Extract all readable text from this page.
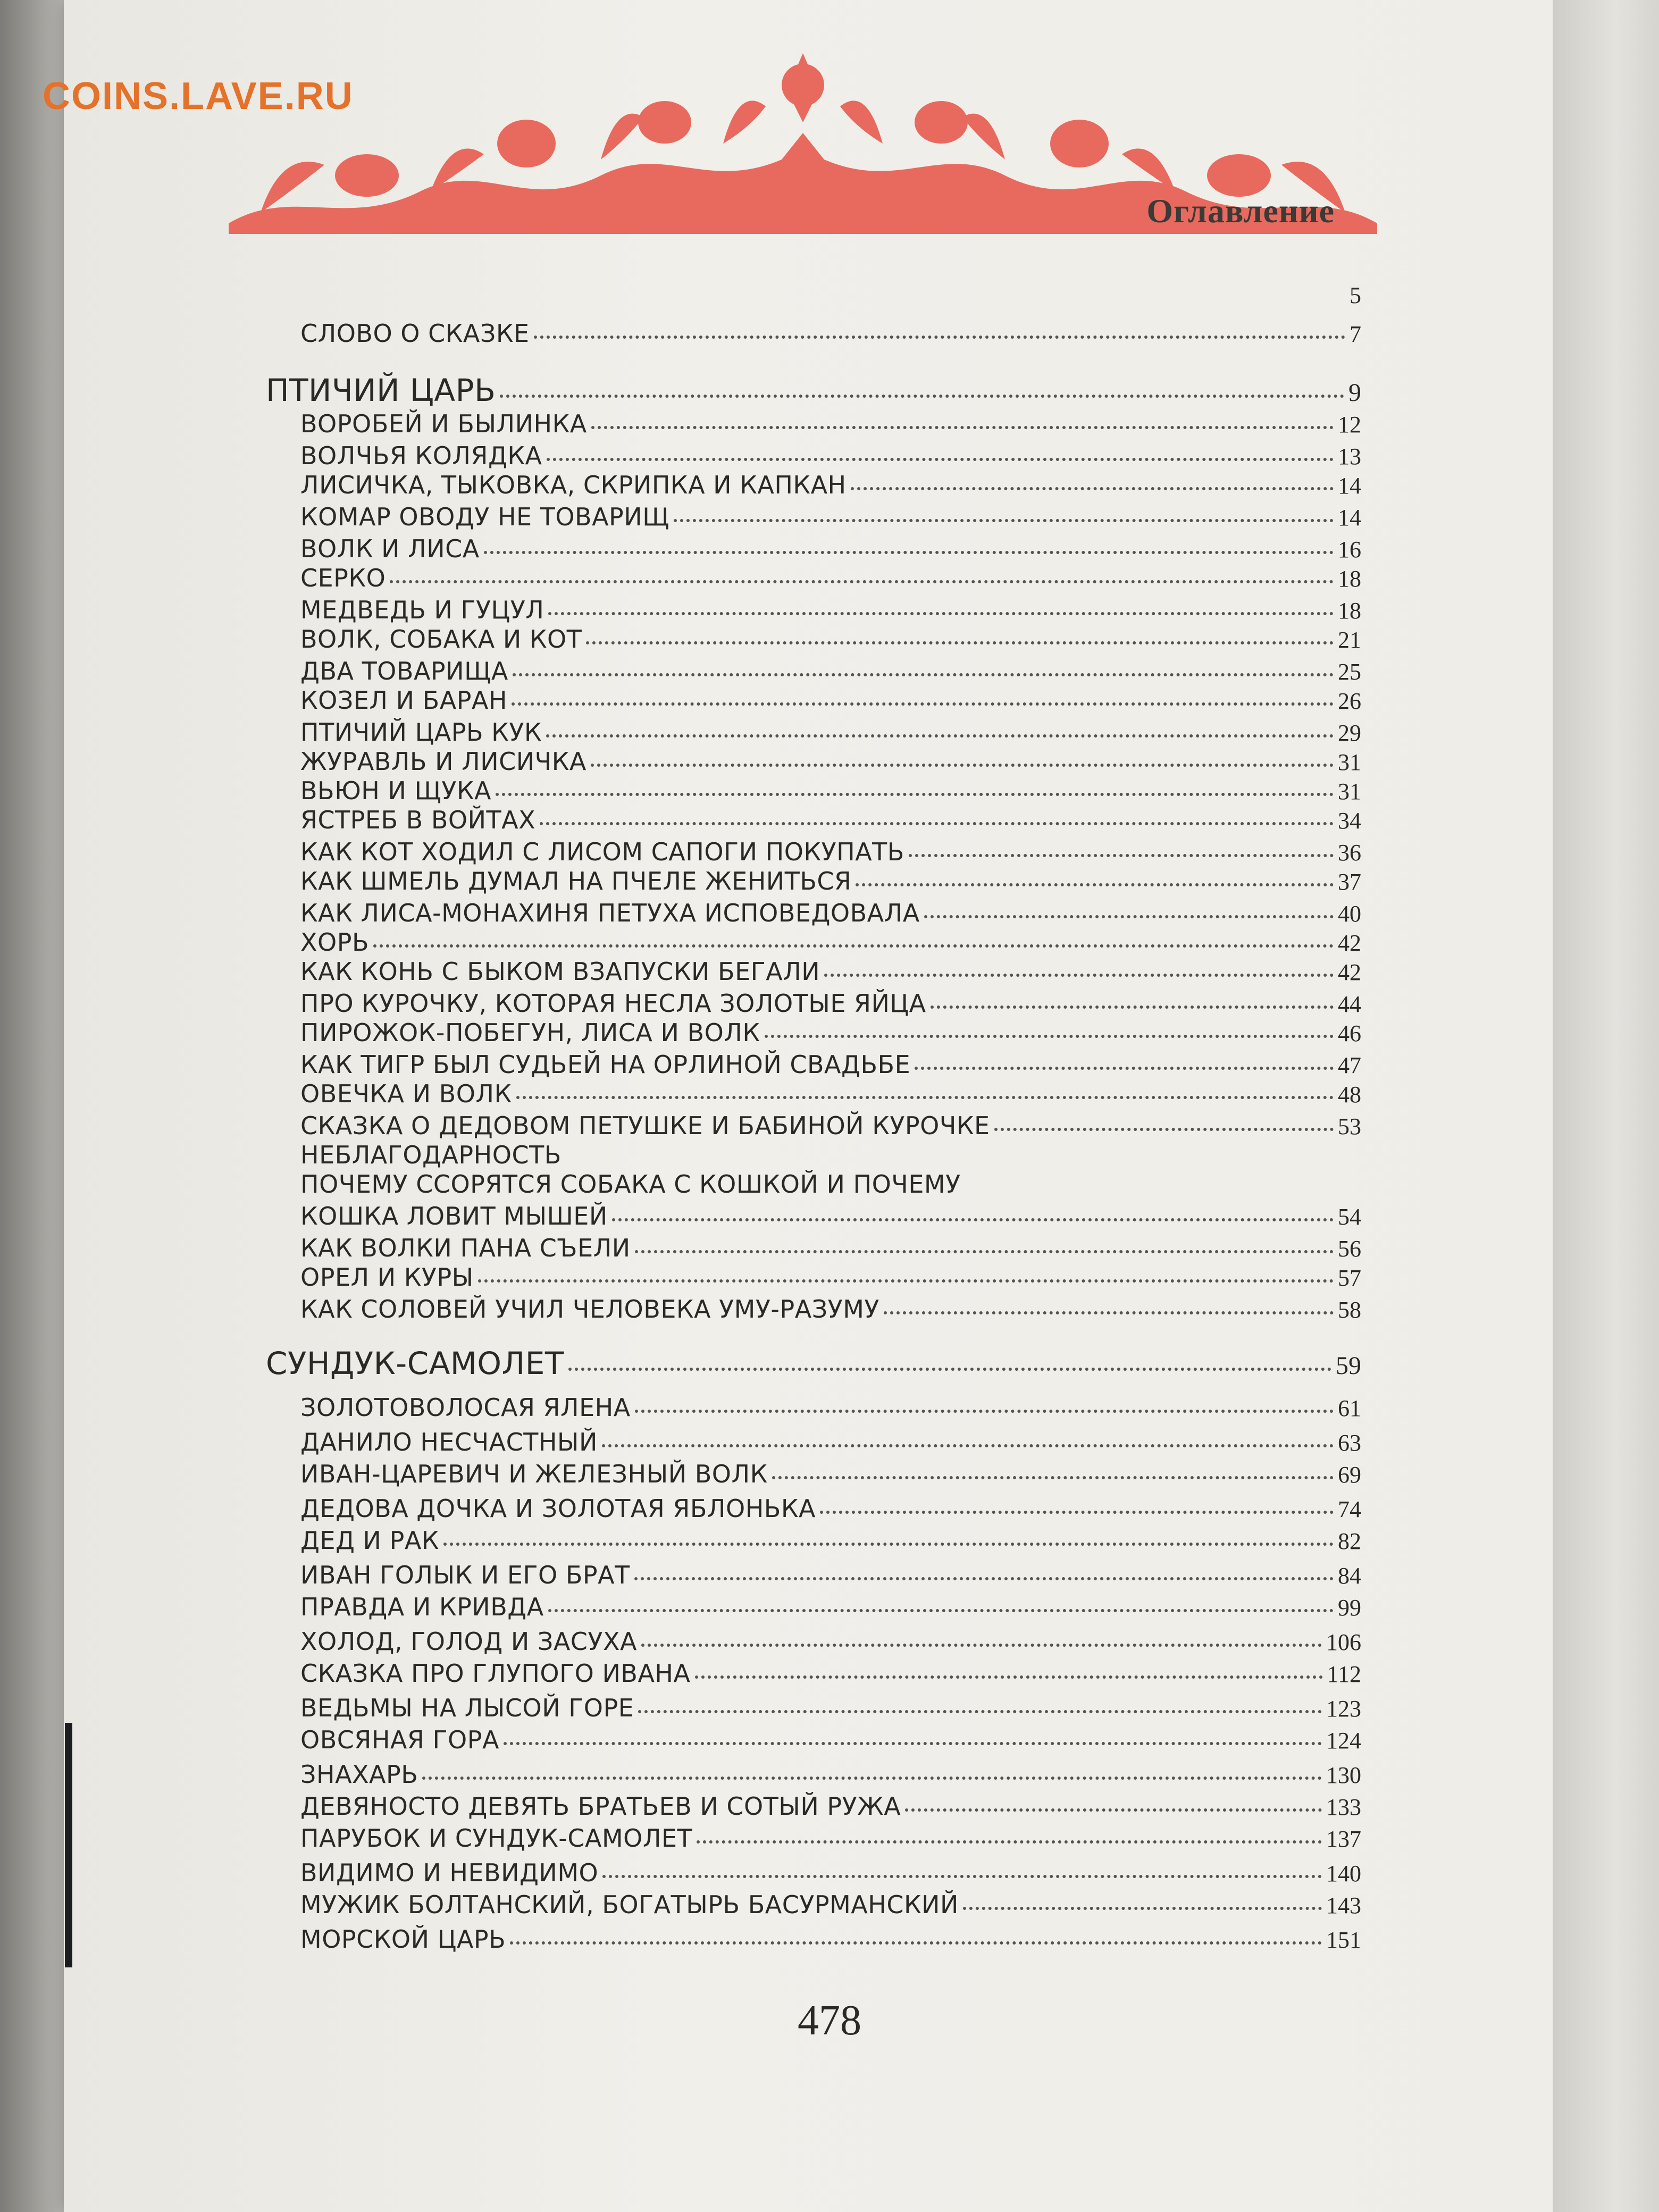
COINS.LAVE.RU
Оглавление
5
СЛОВО О СКАЗКЕ	7
ПТИЧИЙ ЦАРЬ	9
ВОРОБЕЙ И БЫЛИНКА	12
ВОЛЧЬЯ КОЛЯДКА	13
ЛИСИЧКА, ТЫКОВКА, СКРИПКА И КАПКАН	14
КОМАР ОВОДУ НЕ ТОВАРИЩ	14
ВОЛК И ЛИСА	16
СЕРКО	18
МЕДВЕДЬ И ГУЦУЛ	18
ВОЛК, СОБАКА И КОТ	21
ДВА ТОВАРИЩА	25
КОЗЕЛ И БАРАН	26
ПТИЧИЙ ЦАРЬ КУК	29
ЖУРАВЛЬ И ЛИСИЧКА	31
ВЬЮН И ЩУКА	31
ЯСТРЕБ В ВОЙТАХ	34
КАК КОТ ХОДИЛ С ЛИСОМ САПОГИ ПОКУПАТЬ	36
КАК ШМЕЛЬ ДУМАЛ НА ПЧЕЛЕ ЖЕНИТЬСЯ	37
КАК ЛИСА-МОНАХИНЯ ПЕТУХА ИСПОВЕДОВАЛА	40
ХОРЬ	42
КАК КОНЬ С БЫКОМ ВЗАПУСКИ БЕГАЛИ	42
ПРО КУРОЧКУ, КОТОРАЯ НЕСЛА ЗОЛОТЫЕ ЯЙЦА	44
ПИРОЖОК-ПОБЕГУН, ЛИСА И ВОЛК	46
КАК ТИГР БЫЛ СУДЬЕЙ НА ОРЛИНОЙ СВАДЬБЕ	47
ОВЕЧКА И ВОЛК	48
СКАЗКА О ДЕДОВОМ ПЕТУШКЕ И БАБИНОЙ КУРОЧКЕ	53
НЕБЛАГОДАРНОСТЬ
ПОЧЕМУ ССОРЯТСЯ СОБАКА С КОШКОЙ И ПОЧЕМУ
КОШКА ЛОВИТ МЫШЕЙ	54
КАК ВОЛКИ ПАНА СЪЕЛИ	56
ОРЕЛ И КУРЫ	57
КАК СОЛОВЕЙ УЧИЛ ЧЕЛОВЕКА УМУ-РАЗУМУ	58
СУНДУК-САМОЛЕТ	59
ЗОЛОТОВОЛОСАЯ ЯЛЕНА	61
ДАНИЛО НЕСЧАСТНЫЙ	63
ИВАН-ЦАРЕВИЧ И ЖЕЛЕЗНЫЙ ВОЛК	69
ДЕДОВА ДОЧКА И ЗОЛОТАЯ ЯБЛОНЬКА	74
ДЕД И РАК	82
ИВАН ГОЛЫК И ЕГО БРАТ	84
ПРАВДА И КРИВДА	99
ХОЛОД, ГОЛОД И ЗАСУХА	106
СКАЗКА ПРО ГЛУПОГО ИВАНА	112
ВЕДЬМЫ НА ЛЫСОЙ ГОРЕ	123
ОВСЯНАЯ ГОРА	124
ЗНАХАРЬ	130
ДЕВЯНОСТО ДЕВЯТЬ БРАТЬЕВ И СОТЫЙ РУЖА	133
ПАРУБОК И СУНДУК-САМОЛЕТ	137
ВИДИМО И НЕВИДИМО	140
МУЖИК БОЛТАНСКИЙ, БОГАТЫРЬ БАСУРМАНСКИЙ	143
МОРСКОЙ ЦАРЬ	151
478
